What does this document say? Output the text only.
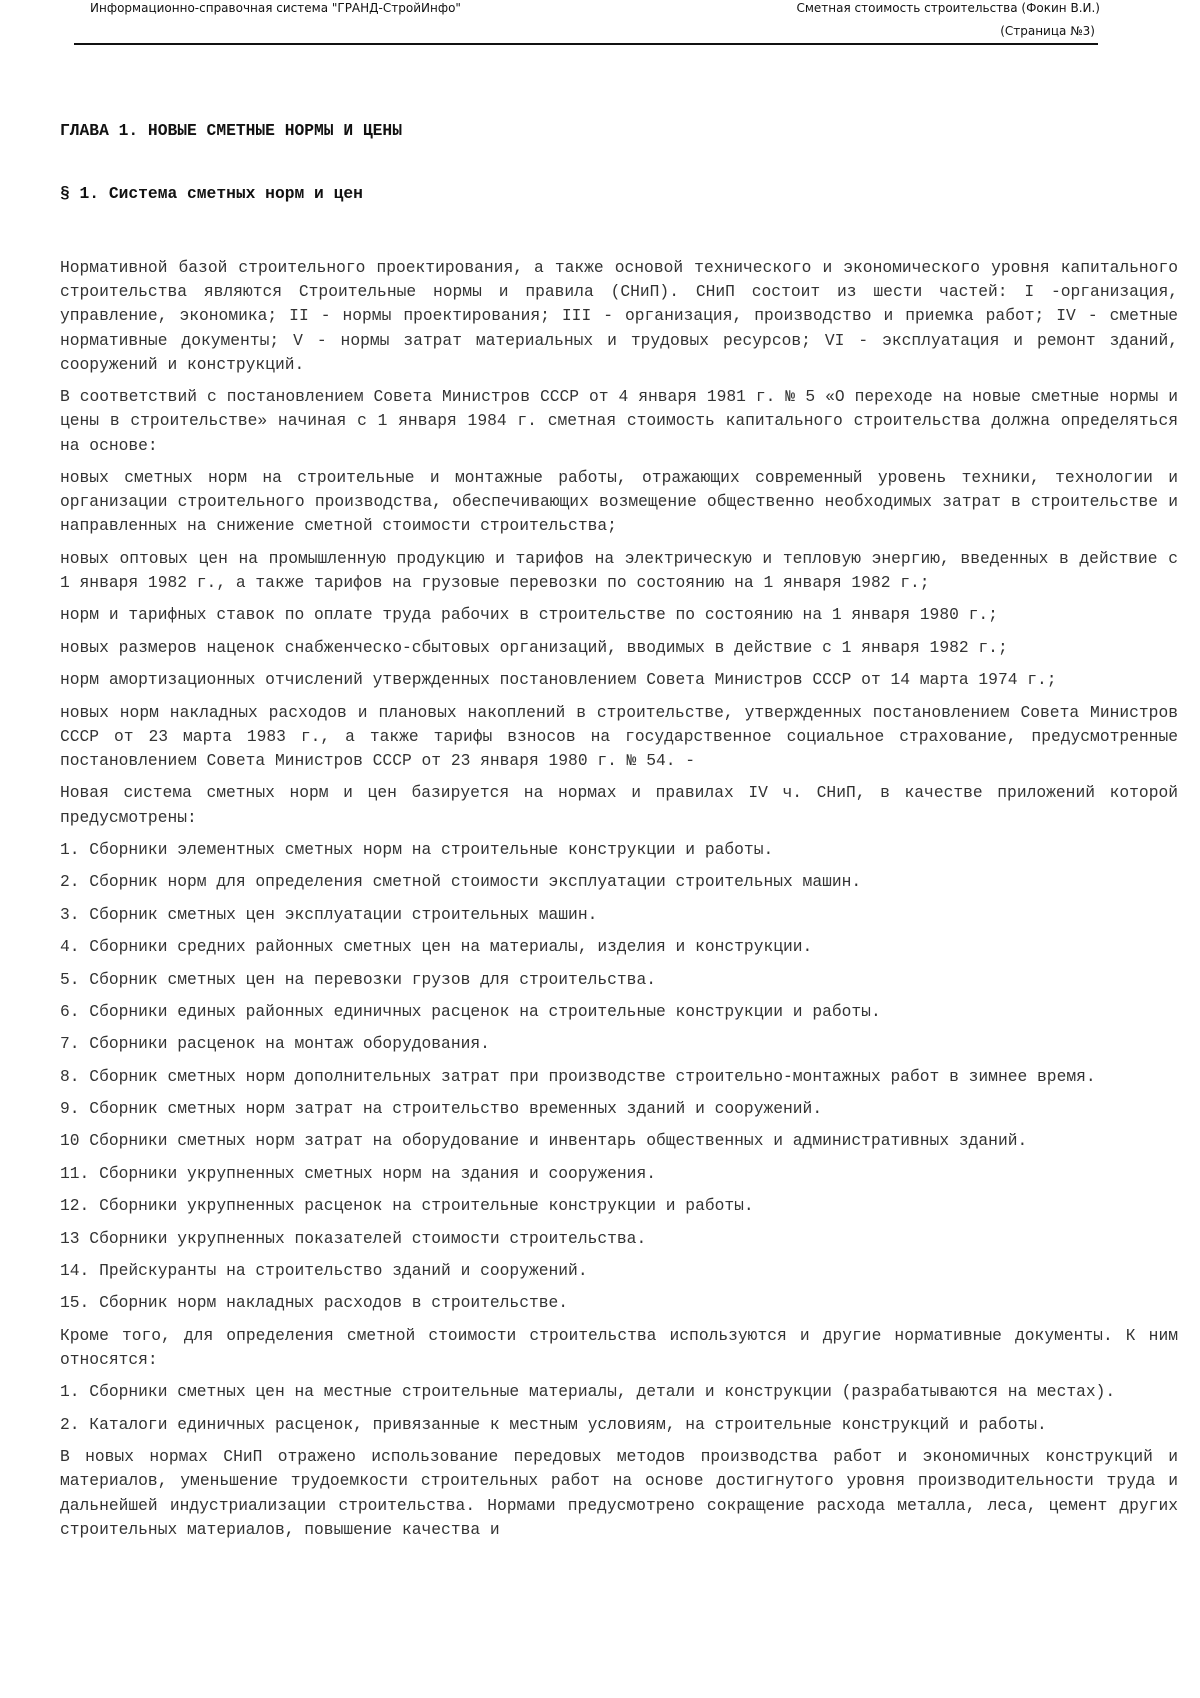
Информационно-справочная система "ГРАНД-СтройИнфо"	Сметная стоимость строительства (Фокин В.И.)
(Страница №3)
ГЛАВА 1. НОВЫЕ СМЕТНЫЕ НОРМЫ И ЦЕНЫ
§ 1. Система сметных норм и цен
Нормативной базой строительного проектирования, а также основой технического и экономического уровня капитального строительства являются Строительные нормы и правила (СНиП). СНиП состоит из шести частей: I -организация, управление, экономика; II - нормы проектирования; III - организация, производство и приемка работ; IV - сметные нормативные документы; V - нормы затрат материальных и трудовых ресурсов; VI - эксплуатация и ремонт зданий, сооружений и конструкций.
В соответствий с постановлением Совета Министров СССР от 4 января 1981 г. № 5 «О переходе на новые сметные нормы и цены в строительстве» начиная с 1 января 1984 г. сметная стоимость капитального строительства должна определяться на основе:
новых сметных норм на строительные и монтажные работы, отражающих современный уровень техники, технологии и организации строительного производства, обеспечивающих возмещение общественно необходимых затрат в строительстве и направленных на снижение сметной стоимости строительства;
новых оптовых цен на промышленную продукцию и тарифов на электрическую и тепловую энергию, введенных в действие с 1 января 1982 г., а также тарифов на грузовые перевозки по состоянию на 1 января 1982 г.;
норм и тарифных ставок по оплате труда рабочих в строительстве по состоянию на 1 января 1980 г.;
новых размеров наценок снабженческо-сбытовых организаций, вводимых в действие с 1 января 1982 г.;
норм амортизационных отчислений утвержденных постановлением Совета Министров СССР от 14 марта 1974 г.;
новых норм накладных расходов и плановых накоплений в строительстве, утвержденных постановлением Совета Министров СССР от 23 марта 1983 г., а также тарифы взносов на государственное социальное страхование, предусмотренные постановлением Совета Министров СССР от 23 января 1980 г. № 54. -
Новая система сметных норм и цен базируется на нормах и правилах IV ч. СНиП, в качестве приложений которой предусмотрены:
1. Сборники элементных сметных норм на строительные конструкции и работы.
2. Сборник норм для определения сметной стоимости эксплуатации строительных машин.
3. Сборник сметных цен эксплуатации строительных машин.
4. Сборники средних районных сметных цен на материалы, изделия и конструкции.
5. Сборник сметных цен на перевозки грузов для строительства.
6. Сборники единых районных единичных расценок на строительные конструкции и работы.
7. Сборники расценок на монтаж оборудования.
8. Сборник сметных норм дополнительных затрат при производстве строительно-монтажных работ в зимнее время.
9. Сборник сметных норм затрат на строительство временных зданий и сооружений.
10 Сборники сметных норм затрат на оборудование и инвентарь общественных и административных зданий.
11. Сборники укрупненных сметных норм на здания и сооружения.
12. Сборники укрупненных расценок на строительные конструкции и работы.
13 Сборники укрупненных показателей стоимости строительства.
14. Прейскуранты на строительство зданий и сооружений.
15. Сборник норм накладных расходов в строительстве.
Кроме того, для определения сметной стоимости строительства используются и другие нормативные документы. К ним относятся:
1. Сборники сметных цен на местные строительные материалы, детали и конструкции (разрабатываются на местах).
2. Каталоги единичных расценок, привязанные к местным условиям, на строительные конструкций и работы.
В новых нормах СНиП отражено использование передовых методов производства работ и экономичных конструкций и материалов, уменьшение трудоемкости строительных работ на основе достигнутого уровня производительности труда и дальнейшей индустриализации строительства. Нормами предусмотрено сокращение расхода металла, леса, цемент других строительных материалов, повышение качества и
